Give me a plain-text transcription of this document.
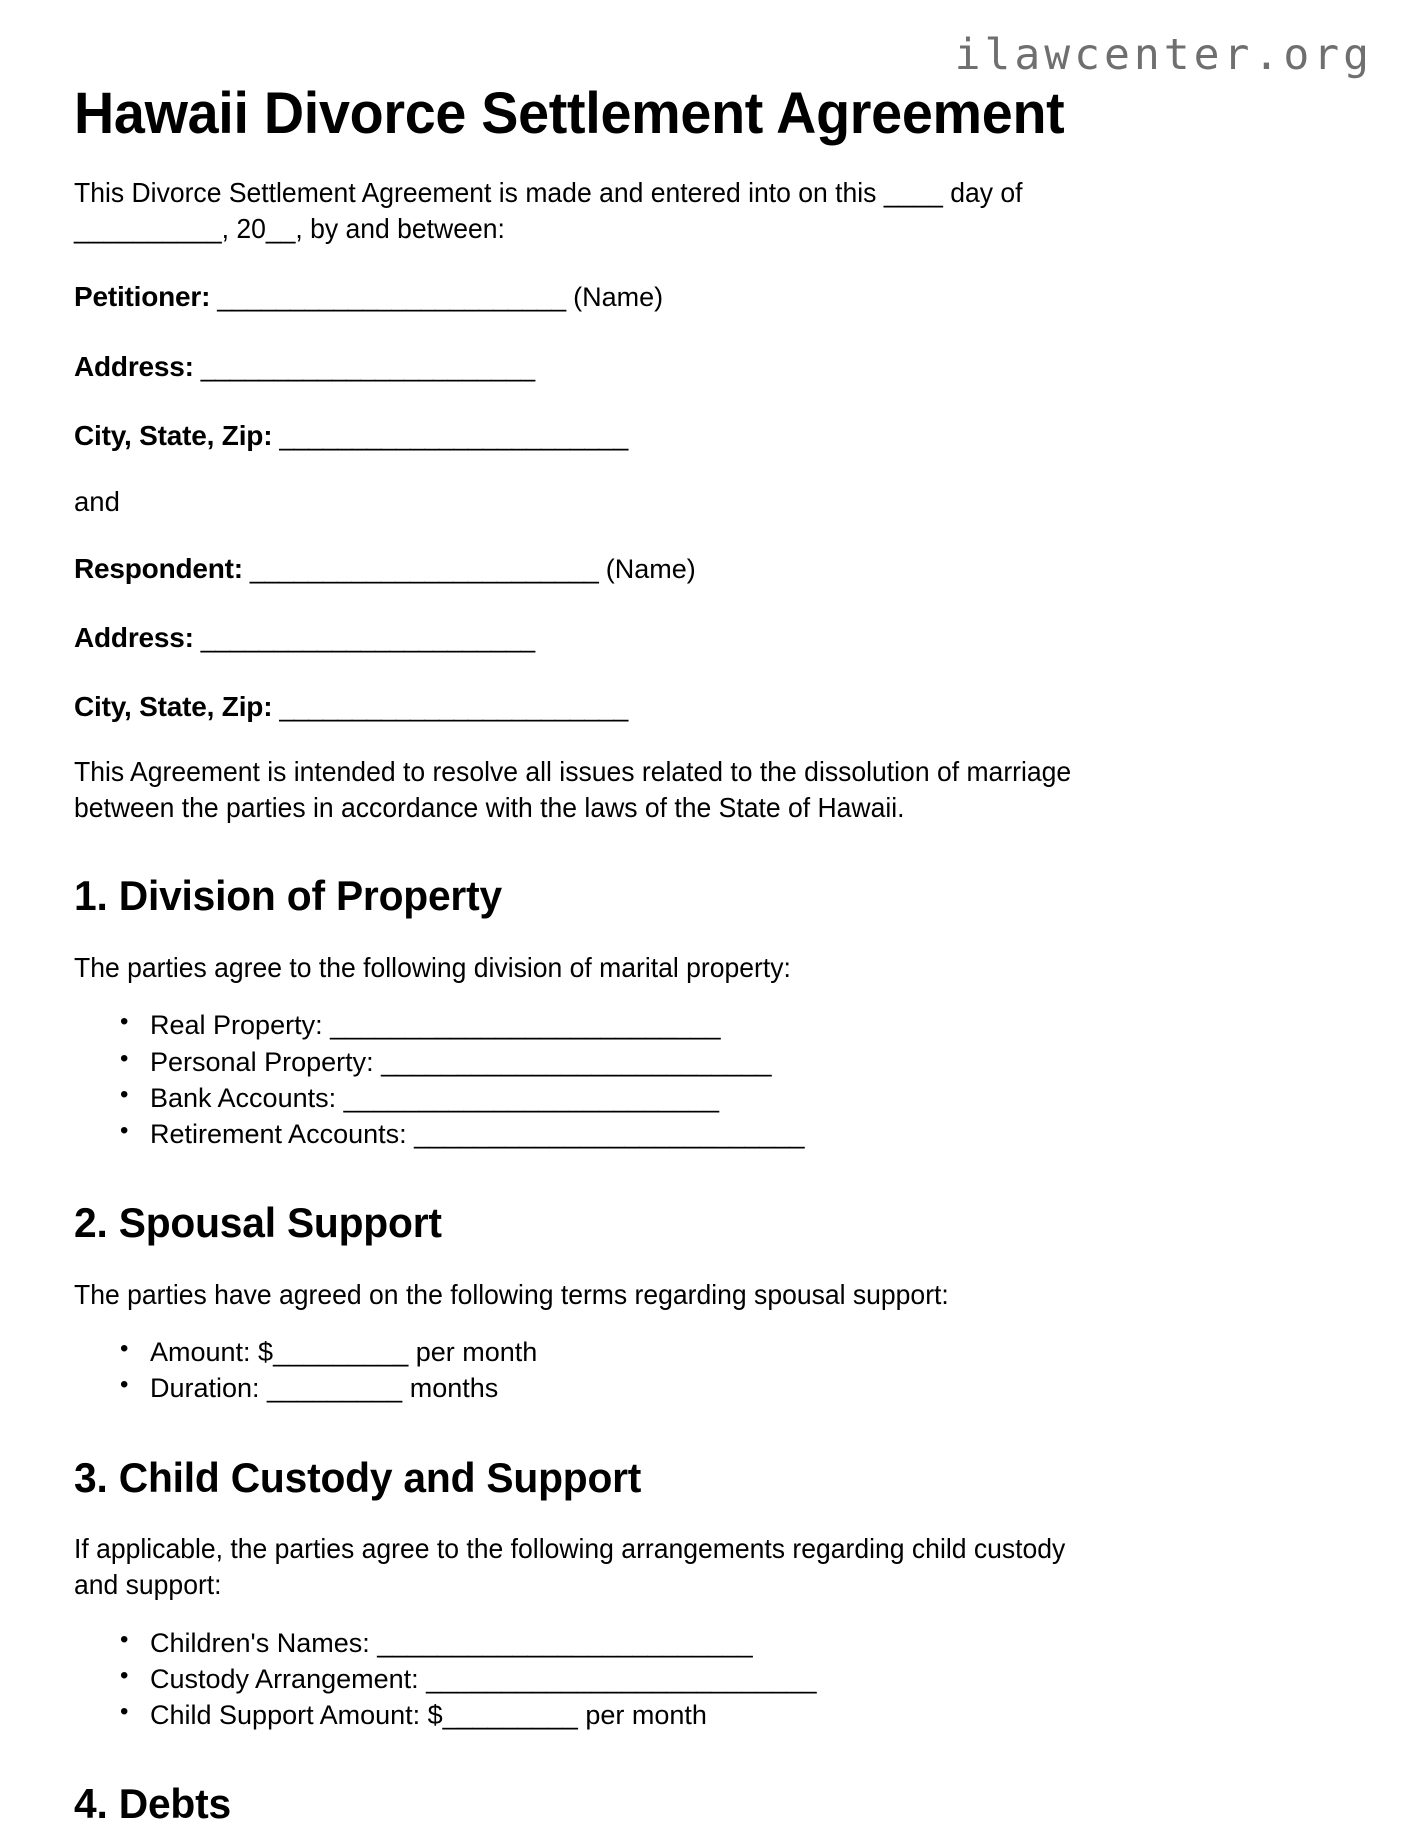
ilawcenter.org
Hawaii Divorce Settlement Agreement

This Divorce Settlement Agreement is made and entered into on this ____ day of __________, 20__, by and between:

Petitioner: ________________________ (Name)

Address: _______________________

City, State, Zip: ________________________

and

Respondent: ________________________ (Name)

Address: _______________________

City, State, Zip: ________________________

This Agreement is intended to resolve all issues related to the dissolution of marriage between the parties in accordance with the laws of the State of Hawaii.

1. Division of Property

The parties agree to the following division of marital property:

• Real Property: __________________________
• Personal Property: __________________________
• Bank Accounts: _________________________
• Retirement Accounts: __________________________
2. Spousal Support

The parties have agreed on the following terms regarding spousal support:

• Amount: $_________ per month
• Duration: _________ months
3. Child Custody and Support

If applicable, the parties agree to the following arrangements regarding child custody and support:

• Children's Names: _________________________
• Custody Arrangement: __________________________
• Child Support Amount: $_________ per month
4. Debts
